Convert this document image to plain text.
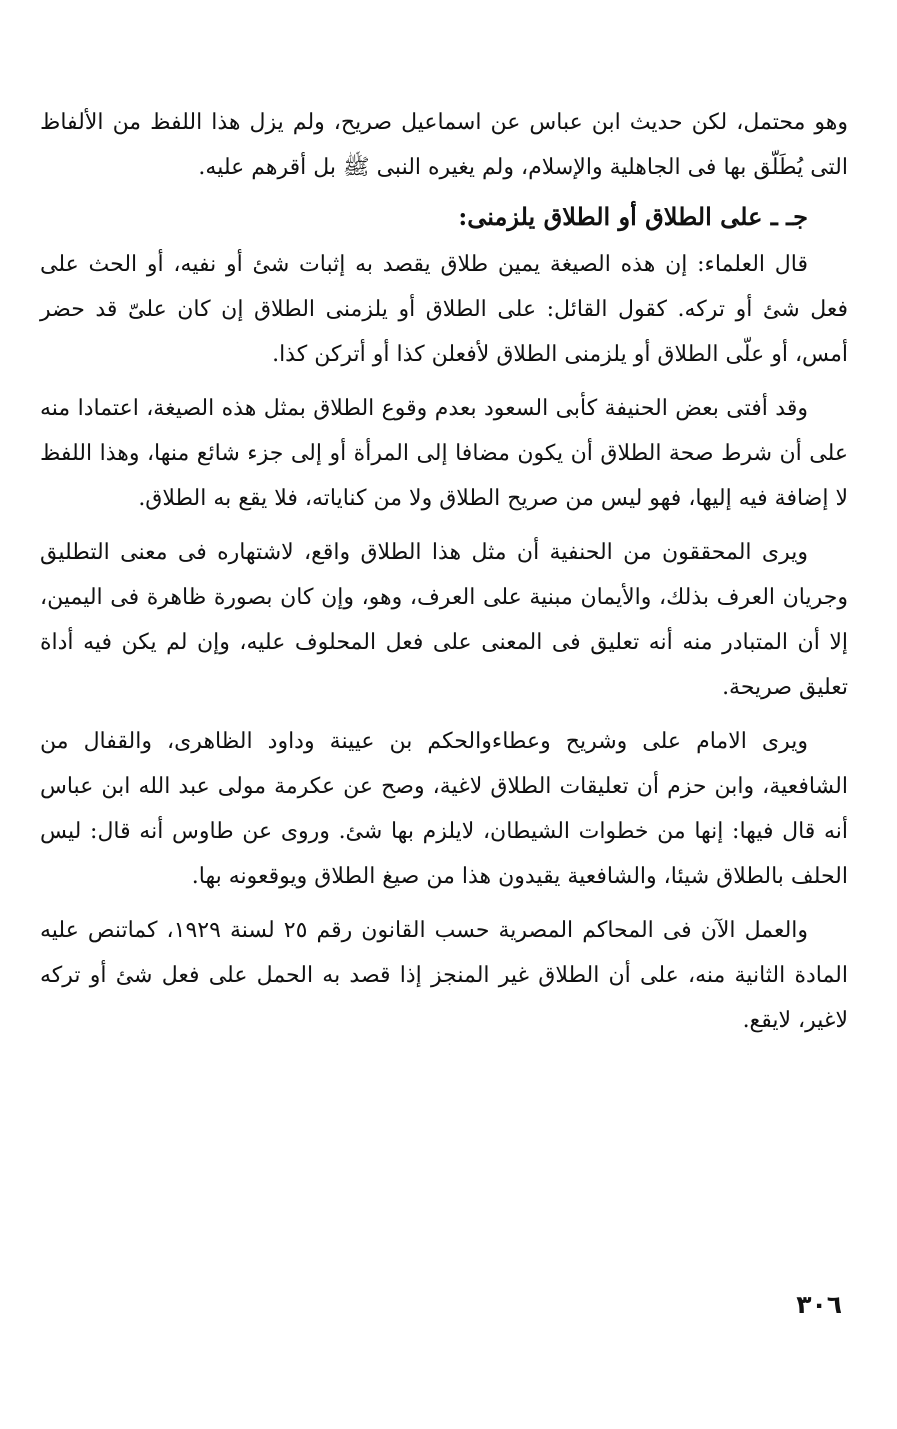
وهو محتمل، لكن حديث ابن عباس عن اسماعيل صريح، ولم يزل هذا اللفظ من الألفاظ التى يُطَلّق بها فى الجاهلية والإسلام، ولم يغيره النبى ﷺ بل أقرهم عليه.

جـ ـ على الطلاق أو الطلاق يلزمنى:

قال العلماء: إن هذه الصيغة يمين طلاق يقصد به إثبات شئ أو نفيه، أو الحث على فعل شئ أو تركه. كقول القائل: على الطلاق أو يلزمنى الطلاق إن كان علىّ قد حضر أمس، أو علّى الطلاق أو يلزمنى الطلاق لأفعلن كذا أو أتركن كذا.

وقد أفتى بعض الحنيفة كأبى السعود بعدم وقوع الطلاق بمثل هذه الصيغة، اعتمادا منه على أن شرط صحة الطلاق أن يكون مضافا إلى المرأة أو إلى جزء شائع منها، وهذا اللفظ لا إضافة فيه إليها، فهو ليس من صريح الطلاق ولا من كناياته، فلا يقع به الطلاق.

ويرى المحققون من الحنفية أن مثل هذا الطلاق واقع، لاشتهاره فى معنى التطليق وجريان العرف بذلك، والأيمان مبنية على العرف، وهو، وإن كان بصورة ظاهرة فى اليمين، إلا أن المتبادر منه أنه تعليق فى المعنى على فعل المحلوف عليه، وإن لم يكن فيه أداة تعليق صريحة.

ويرى الامام على وشريح وعطاءوالحكم بن عيينة وداود الظاهرى، والقفال من الشافعية، وابن حزم أن تعليقات الطلاق لاغية، وصح عن عكرمة مولى عبد الله ابن عباس أنه قال فيها: إنها من خطوات الشيطان، لايلزم بها شئ. وروى عن طاوس أنه قال: ليس الحلف بالطلاق شيئا، والشافعية يقيدون هذا من صيغ الطلاق ويوقعونه بها.

والعمل الآن فى المحاكم المصرية حسب القانون رقم ٢٥ لسنة ١٩٢٩، كماتنص عليه المادة الثانية منه، على أن الطلاق غير المنجز إذا قصد به الحمل على فعل شئ أو تركه لاغير، لايقع.

٣٠٦
